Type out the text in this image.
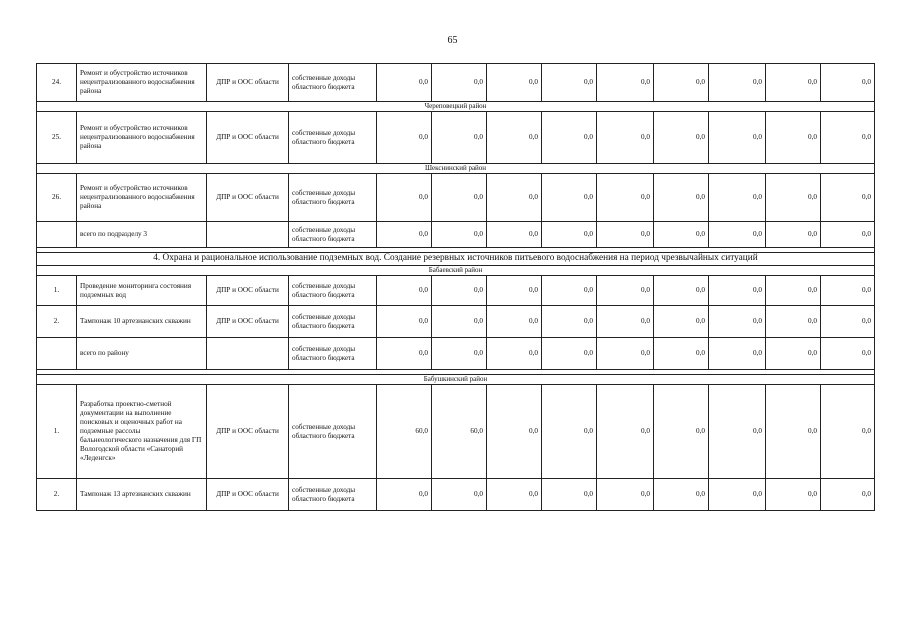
65
24.	Ремонт и обустройство источников нецентрализованного водоснабжения района	ДПР и ООС области	собственные доходы областного бюджета	0,0	0,0	0,0	0,0	0,0	0,0	0,0	0,0	0,0
Череповецкий район												
25.	Ремонт и обустройство источников нецентрализованного водоснабжения района	ДПР и ООС области	собственные доходы областного бюджета	0,0	0,0	0,0	0,0	0,0	0,0	0,0	0,0	0,0
Шекснинский район												
26.	Ремонт и обустройство источников нецентрализованного водоснабжения района	ДПР и ООС области	собственные доходы областного бюджета	0,0	0,0	0,0	0,0	0,0	0,0	0,0	0,0	0,0
	всего по подразделу 3		собственные доходы областного бюджета	0,0	0,0	0,0	0,0	0,0	0,0	0,0	0,0	0,0

4. Охрана и рациональное использование подземных вод. Создание резервных источников питьевого водоснабжения на период чрезвычайных ситуаций												
Бабаевский район												
1.	Проведение мониторинга состояния подземных вод	ДПР и ООС области	собственные доходы областного бюджета	0,0	0,0	0,0	0,0	0,0	0,0	0,0	0,0	0,0
2.	Тампонаж 10 артезианских скважин	ДПР и ООС области	собственные доходы областного бюджета	0,0	0,0	0,0	0,0	0,0	0,0	0,0	0,0	0,0
	всего по району		собственные доходы областного бюджета	0,0	0,0	0,0	0,0	0,0	0,0	0,0	0,0	0,0

Бабушкинский район												
1.	Разработка проектно-сметной документации на выполнение поисковых и оценочных работ на подземные рассолы бальнеологического назначения для ГП Вологодской области «Санаторий «Леденгск»	ДПР и ООС области	собственные доходы областного бюджета	60,0	60,0	0,0	0,0	0,0	0,0	0,0	0,0	0,0
2.	Тампонаж 13 артезианских скважин	ДПР и ООС области	собственные доходы областного бюджета	0,0	0,0	0,0	0,0	0,0	0,0	0,0	0,0	0,0
